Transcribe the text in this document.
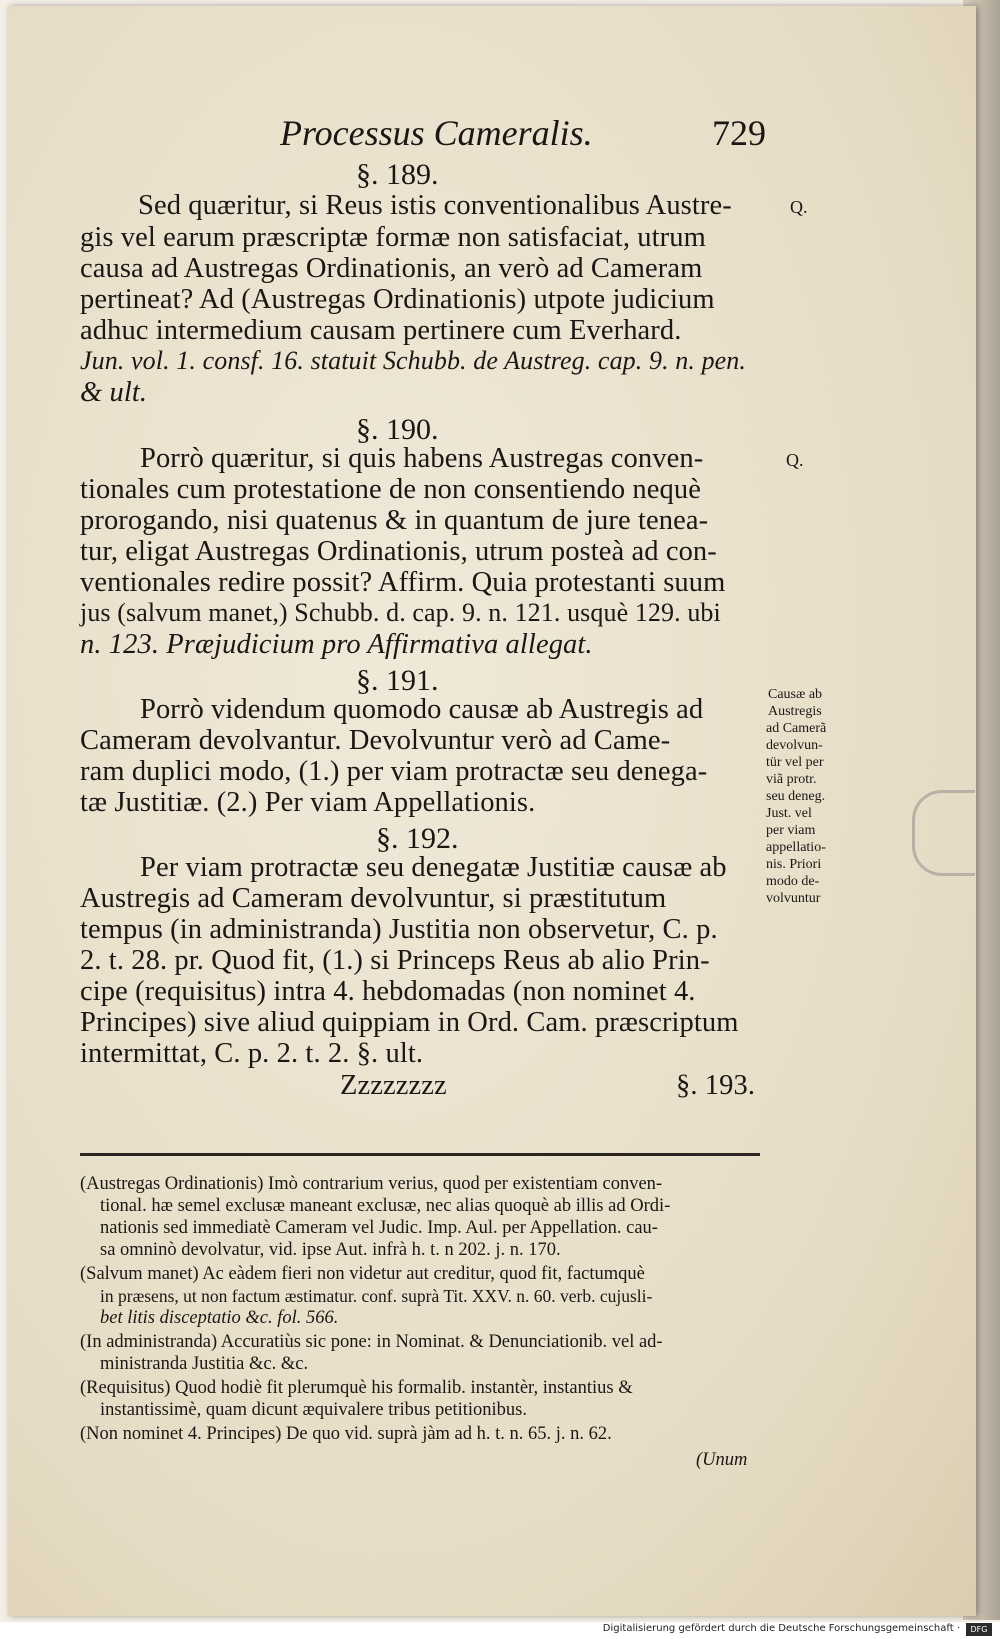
Processus Cameralis.	729
§. 189.
Sed quæritur, si Reus istis conventionalibus Austre-
gis vel earum præscriptæ formæ non satisfaciat, utrum
causa ad Austregas Ordinationis, an verò ad Cameram
pertineat? Ad (Austregas Ordinationis) utpote judicium
adhuc intermedium causam pertinere cum Everhard.
Jun. vol. 1. consf. 16. statuit Schubb. de Austreg. cap. 9. n. pen.
& ult.
§. 190.
Porrò quæritur, si quis habens Austregas conven-
tionales cum protestatione de non consentiendo nequè
prorogando, nisi quatenus & in quantum de jure tenea-
tur, eligat Austregas Ordinationis, utrum posteà ad con-
ventionales redire possit? Affirm. Quia protestanti suum
jus (salvum manet,) Schubb. d. cap. 9. n. 121. usquè 129. ubi
n. 123. Præjudicium pro Affirmativa allegat.
§. 191.
Porrò videndum quomodo causæ ab Austregis ad
Cameram devolvantur. Devolvuntur verò ad Came-
ram duplici modo, (1.) per viam protractæ seu denega-
tæ Justitiæ. (2.) Per viam Appellationis.
§. 192.
Per viam protractæ seu denegatæ Justitiæ causæ ab
Austregis ad Cameram devolvuntur, si præstitutum
tempus (in administranda) Justitia non observetur, C. p.
2. t. 28. pr. Quod fit, (1.) si Princeps Reus ab alio Prin-
cipe (requisitus) intra 4. hebdomadas (non nominet 4.
Principes) sive aliud quippiam in Ord. Cam. præscriptum
intermittat, C. p. 2. t. 2. §. ult.
Zzzzzzzz	§. 193.
Q.
Q.
Causæ ab
Austregis
ad Camerã
devolvun-
tür vel per
viã protr.
seu deneg.
Just. vel
per viam
appellatio-
nis. Priori
modo de-
volvuntur
(Austregas Ordinationis) Imò contrarium verius, quod per existentiam conven-
tional. hæ semel exclusæ maneant exclusæ, nec alias quoquè ab illis ad Ordi-
nationis sed immediatè Cameram vel Judic. Imp. Aul. per Appellation. cau-
sa omninò devolvatur, vid. ipse Aut. infrà h. t. n 202. j. n. 170.
(Salvum manet) Ac eàdem fieri non videtur aut creditur, quod fit, factumquè
in præsens, ut non factum æstimatur. conf. suprà Tit. XXV. n. 60. verb. cujusli-
bet litis disceptatio &c. fol. 566.
(In administranda) Accuratiùs sic pone: in Nominat. & Denunciationib. vel ad-
ministranda Justitia &c. &c.
(Requisitus) Quod hodiè fit plerumquè his formalib. instantèr, instantius &
instantissimè, quam dicunt æquivalere tribus petitionibus.
(Non nominet 4. Principes) De quo vid. suprà jàm ad h. t. n. 65. j. n. 62.
(Unum
Digitalisierung gefördert durch die Deutsche Forschungsgemeinschaft ·	DFG
